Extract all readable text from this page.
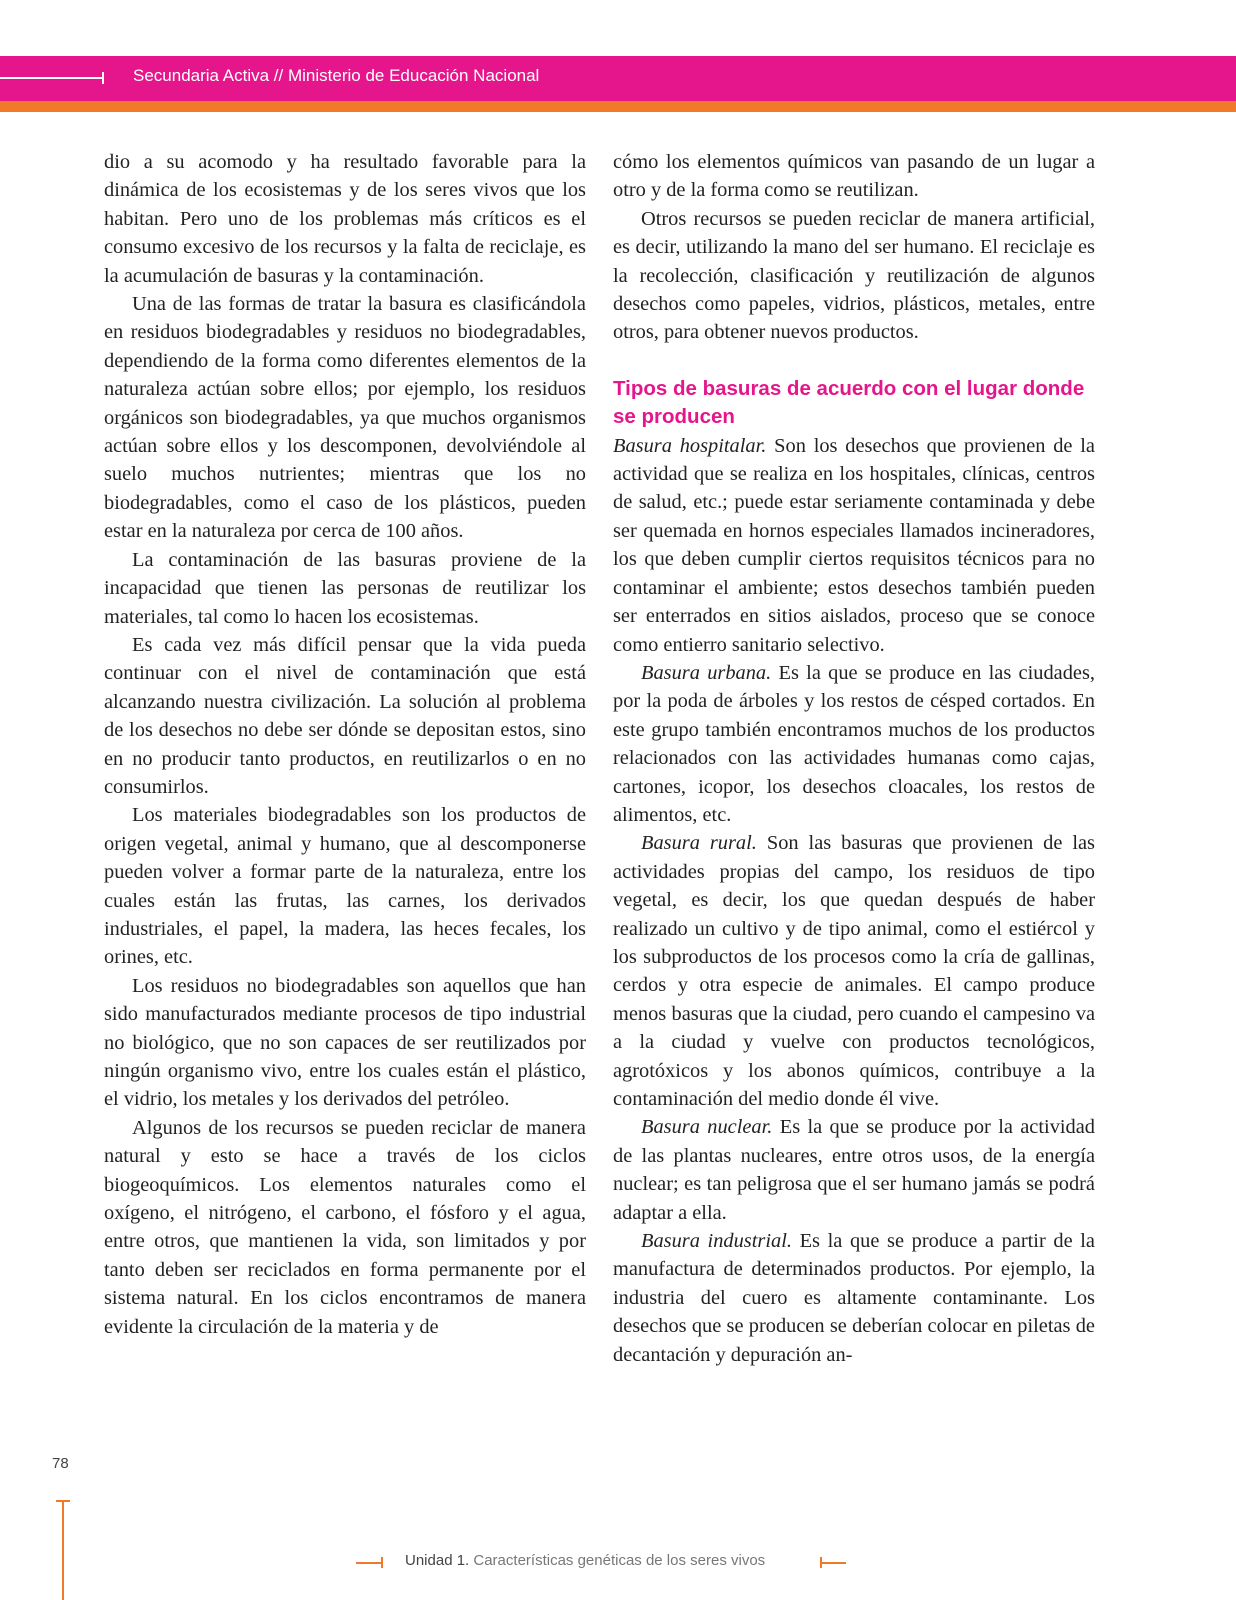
Secundaria Activa // Ministerio de Educación Nacional

dio a su acomodo y ha resultado favorable para la dinámica de los ecosistemas y de los seres vivos que los habitan. Pero uno de los problemas más críticos es el consumo excesivo de los recursos y la falta de reciclaje, es la acumulación de basuras y la contaminación.

Una de las formas de tratar la basura es clasificándola en residuos biodegradables y residuos no biodegradables, dependiendo de la forma como diferentes elementos de la naturaleza actúan sobre ellos; por ejemplo, los residuos orgánicos son biodegradables, ya que muchos organismos actúan sobre ellos y los descomponen, devolviéndole al suelo muchos nutrientes; mientras que los no biodegradables, como el caso de los plásticos, pueden estar en la naturaleza por cerca de 100 años.

La contaminación de las basuras proviene de la incapacidad que tienen las personas de reutilizar los materiales, tal como lo hacen los ecosistemas.

Es cada vez más difícil pensar que la vida pueda continuar con el nivel de contaminación que está alcanzando nuestra civilización. La solución al problema de los desechos no debe ser dónde se depositan estos, sino en no producir tanto productos, en reutilizarlos o en no consumirlos.

Los materiales biodegradables son los productos de origen vegetal, animal y humano, que al descomponerse pueden volver a formar parte de la naturaleza, entre los cuales están las frutas, las carnes, los derivados industriales, el papel, la madera, las heces fecales, los orines, etc.

Los residuos no biodegradables son aquellos que han sido manufacturados mediante procesos de tipo industrial no biológico, que no son capaces de ser reutilizados por ningún organismo vivo, entre los cuales están el plástico, el vidrio, los metales y los derivados del petróleo.

Algunos de los recursos se pueden reciclar de manera natural y esto se hace a través de los ciclos biogeoquímicos. Los elementos naturales como el oxígeno, el nitrógeno, el carbono, el fósforo y el agua, entre otros, que mantienen la vida, son limitados y por tanto deben ser reciclados en forma permanente por el sistema natural. En los ciclos encontramos de manera evidente la circulación de la materia y de

cómo los elementos químicos van pasando de un lugar a otro y de la forma como se reutilizan.

Otros recursos se pueden reciclar de manera artificial, es decir, utilizando la mano del ser humano. El reciclaje es la recolección, clasificación y reutilización de algunos desechos como papeles, vidrios, plásticos, metales, entre otros, para obtener nuevos productos.

Tipos de basuras de acuerdo con el lugar donde se producen

Basura hospitalar. Son los desechos que provienen de la actividad que se realiza en los hospitales, clínicas, centros de salud, etc.; puede estar seriamente contaminada y debe ser quemada en hornos especiales llamados incineradores, los que deben cumplir ciertos requisitos técnicos para no contaminar el ambiente; estos desechos también pueden ser enterrados en sitios aislados, proceso que se conoce como entierro sanitario selectivo.

Basura urbana. Es la que se produce en las ciudades, por la poda de árboles y los restos de césped cortados. En este grupo también encontramos muchos de los productos relacionados con las actividades humanas como cajas, cartones, icopor, los desechos cloacales, los restos de alimentos, etc.

Basura rural. Son las basuras que provienen de las actividades propias del campo, los residuos de tipo vegetal, es decir, los que quedan después de haber realizado un cultivo y de tipo animal, como el estiércol y los subproductos de los procesos como la cría de gallinas, cerdos y otra especie de animales. El campo produce menos basuras que la ciudad, pero cuando el campesino va a la ciudad y vuelve con productos tecnológicos, agrotóxicos y los abonos químicos, contribuye a la contaminación del medio donde él vive.

Basura nuclear. Es la que se produce por la actividad de las plantas nucleares, entre otros usos, de la energía nuclear; es tan peligrosa que el ser humano jamás se podrá adaptar a ella.

Basura industrial. Es la que se produce a partir de la manufactura de determinados productos. Por ejemplo, la industria del cuero es altamente contaminante. Los desechos que se producen se deberían colocar en piletas de decantación y depuración an-

78
Unidad 1. Características genéticas de los seres vivos
